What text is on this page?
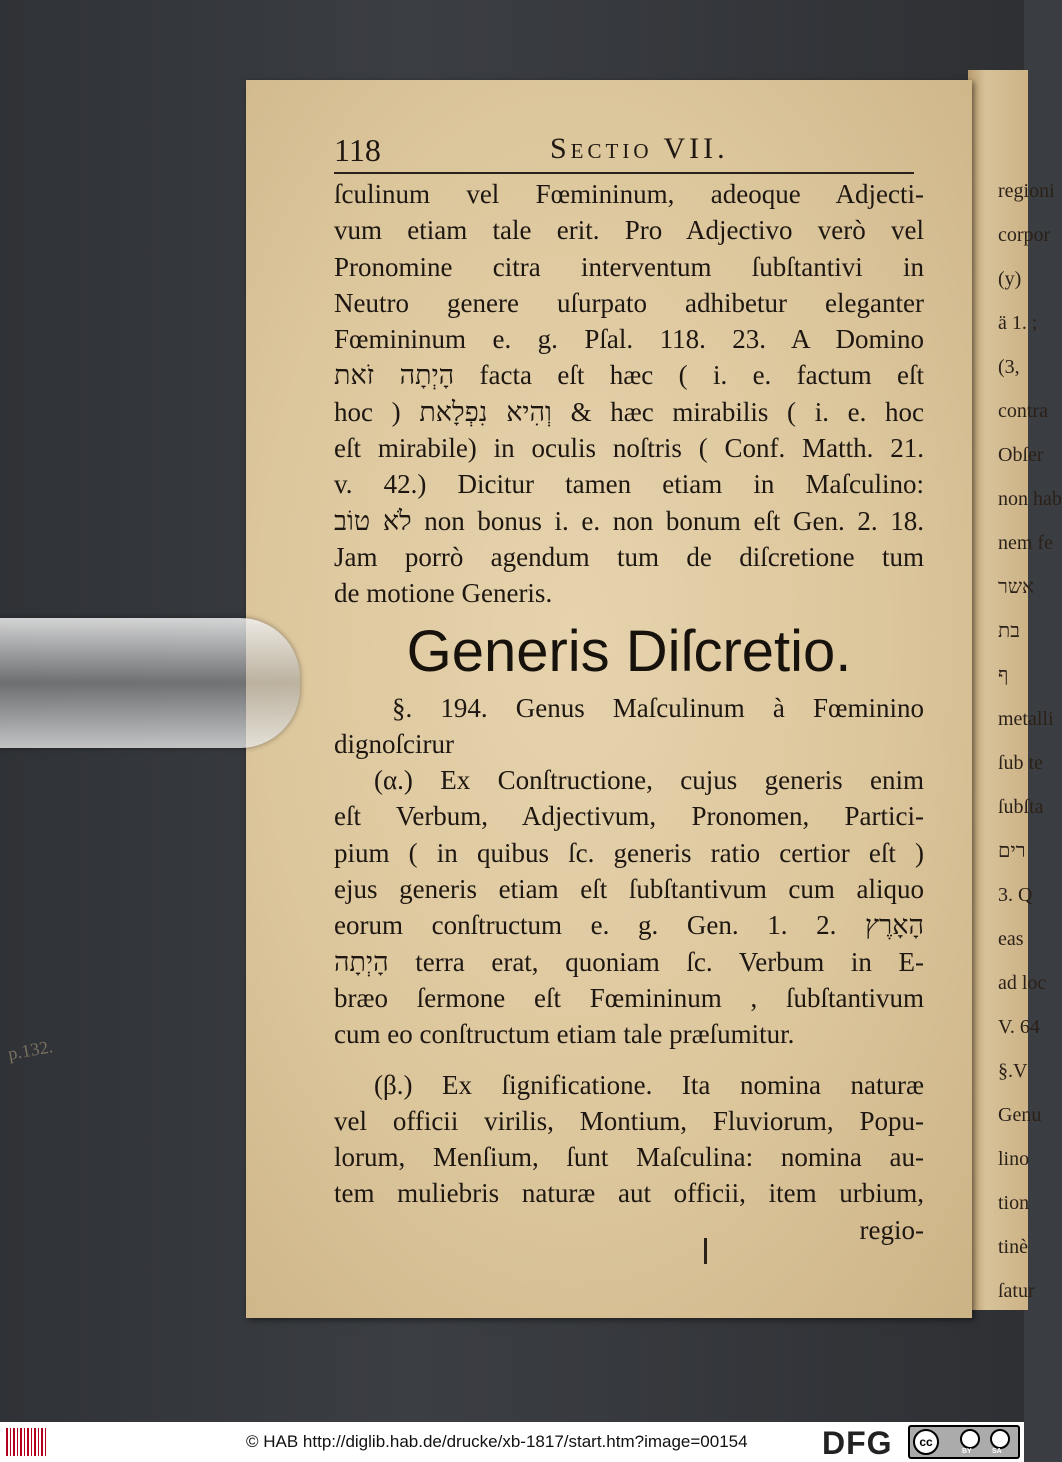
regioni
corpor
(y)
ä 1. ;
(3,
contra
Obſer
non hab
nem fe
אשר
בת
ף
metalli
ſub te
ſubſta
רים
3. Q
eas
ad loc
V. 64
§.V
Genu
lino
tion
tinè
ſatur
118	Sectio VII.
ſculinum vel Fœmininum, adeoque Adjecti-
vum etiam tale erit. Pro Adjectivo verò vel
Pronomine citra interventum ſubſtantivi in
Neutro genere uſurpato adhibetur eleganter
Fœmininum e. g. Pſal. 118. 23. A Domino
הָיְתָה זֹאת facta eſt hæc ( i. e. factum eſt
hoc ) וְהִיא נִפְלָאת & hæc mirabilis ( i. e. hoc
eſt mirabile) in oculis noſtris ( Conf. Matth. 21.
v. 42.) Dicitur tamen etiam in Maſculino:
לֹא טוֹב non bonus i. e. non bonum eſt Gen. 2. 18.
Jam porrò agendum tum de diſcretione tum
de motione Generis.
Generis Diſcretio.
§. 194. Genus Maſculinum à Fœminino
dignoſcirur
(α.) Ex Conſtructione, cujus generis enim
eſt Verbum, Adjectivum, Pronomen, Partici-
pium ( in quibus ſc. generis ratio certior eſt )
ejus generis etiam eſt ſubſtantivum cum aliquo
eorum conſtructum e. g. Gen. 1. 2. הָאָרֶץ
הָיְתָה terra erat, quoniam ſc. Verbum in E-
bræo ſermone eſt Fœmininum , ſubſtantivum
cum eo conſtructum etiam tale præſumitur.
(β.) Ex ſignificatione. Ita nomina naturæ
vel officii virilis, Montium, Fluviorum, Popu-
lorum, Menſium, ſunt Maſculina: nomina au-
tem muliebris naturæ aut officii, item urbium,
regio-
p.132.
© HAB http://diglib.hab.de/drucke/xb-1817/start.htm?image=00154 DFG	cc
BY	SA
